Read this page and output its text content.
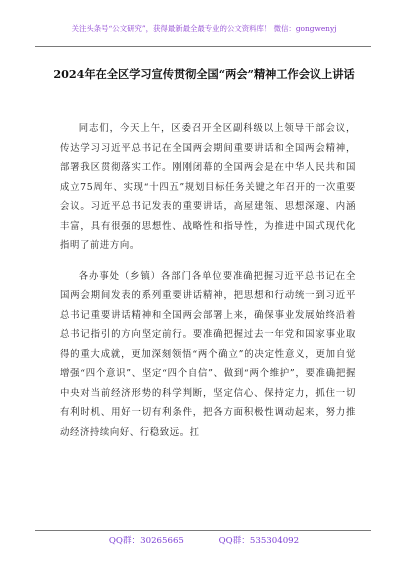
关注头条号“公文研究”，获得最新最全最专业的公文资料库！ 微信：gongwenyj
2024年在全区学习宣传贯彻全国“两会”精神工作会议上讲话

同志们，今天上午，区委召开全区副科级以上领导干部会议，传达学习习近平总书记在全国两会期间重要讲话和全国两会精神，部署我区贯彻落实工作。刚刚闭幕的全国两会是在中华人民共和国成立75周年、实现“十四五”规划目标任务关键之年召开的一次重要会议。习近平总书记发表的重要讲话，高屋建瓴、思想深邃、内涵丰富，具有很强的思想性、战略性和指导性，为推进中国式现代化指明了前进方向。

各办事处（乡镇）各部门各单位要准确把握习近平总书记在全国两会期间发表的系列重要讲话精神，把思想和行动统一到习近平总书记重要讲话精神和全国两会部署上来，确保事业发展始终沿着总书记指引的方向坚定前行。要准确把握过去一年党和国家事业取得的重大成就，更加深刻领悟“两个确立”的决定性意义，更加自觉增强“四个意识”、坚定“四个自信”、做到“两个维护”，要准确把握中央对当前经济形势的科学判断，坚定信心、保持定力，抓住一切有利时机、用好一切有利条件，把各方面积极性调动起来，努力推动经济持续向好、行稳致远。扛

QQ群：30265665	QQ群：535304092
